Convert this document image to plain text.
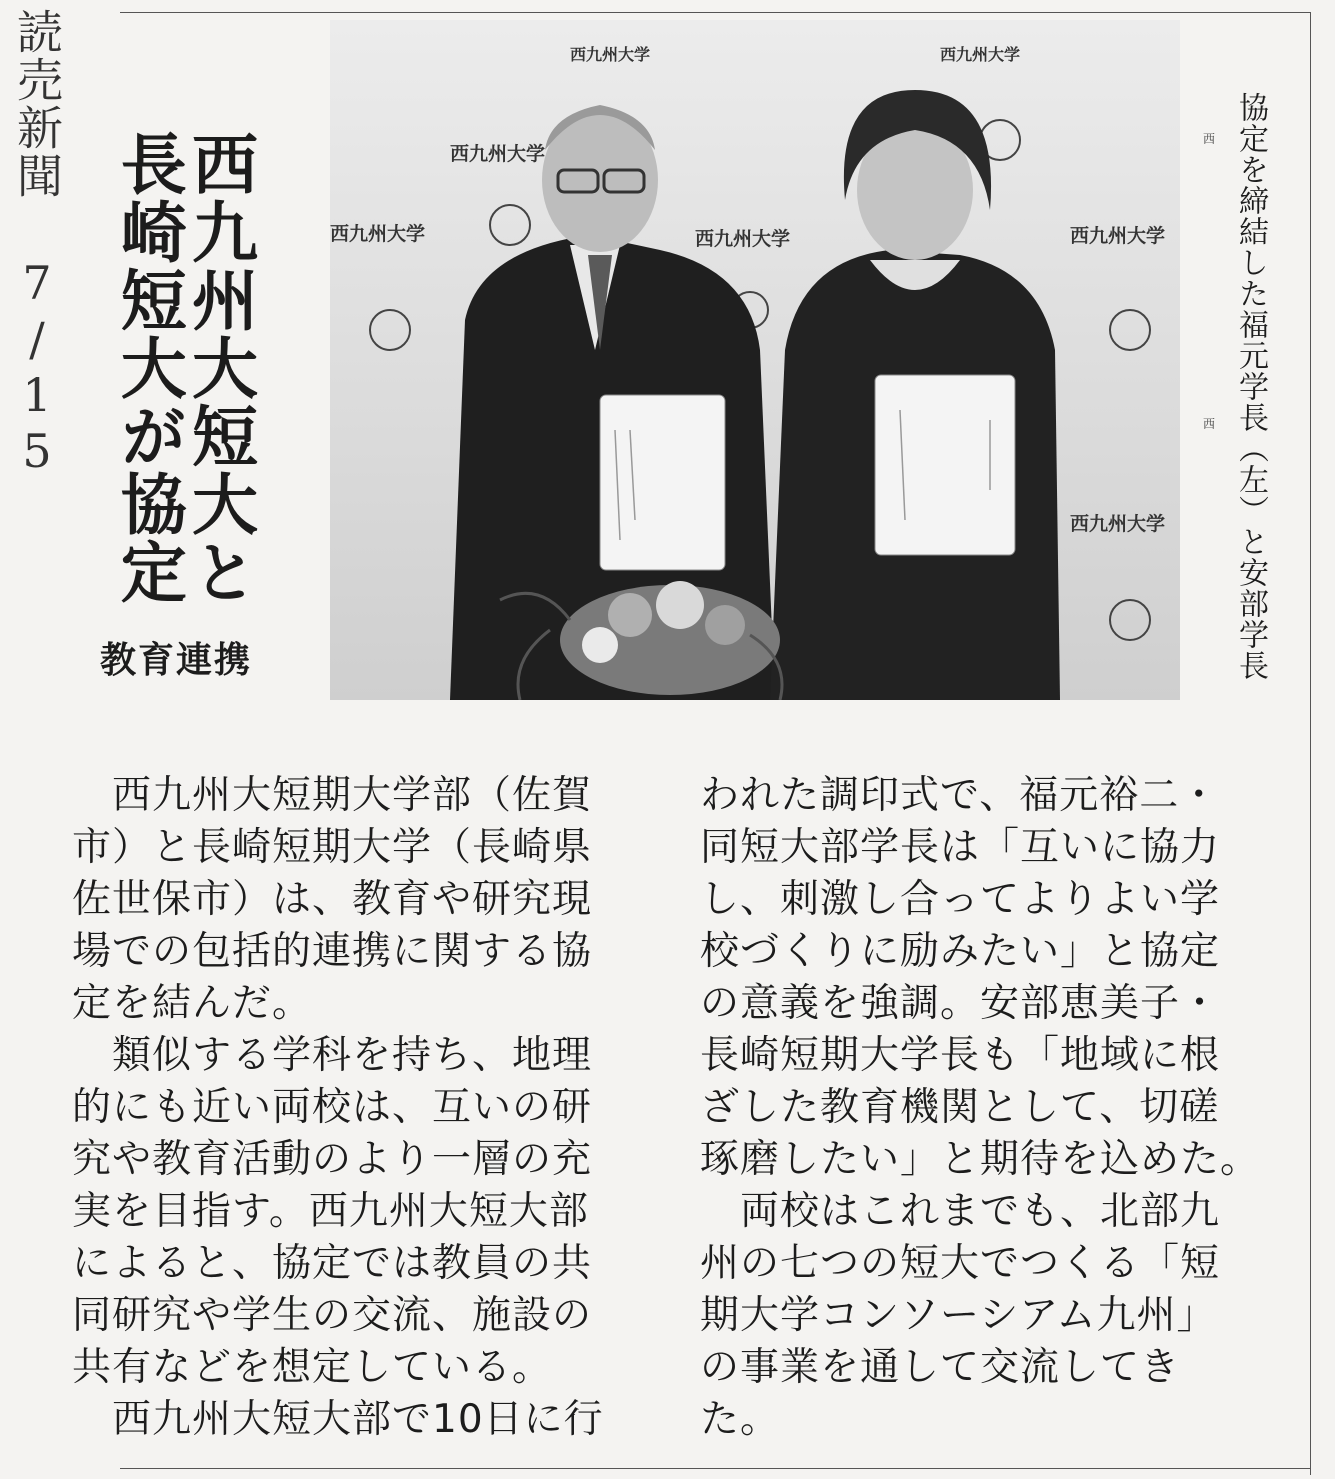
読売新聞 7/15 西九州大短大と
長崎短大が協定
教育連携
西九州大学
西九州大学	西九州大学	西九州大学
西九州大学
西九州大学	西九州大学
協定を締結した福元学長（左）と安部学長
西
西

　西九州大短期大学部（佐賀
市）と長崎短期大学（長崎県
佐世保市）は、教育や研究現
場での包括的連携に関する協
定を結んだ。
　類似する学科を持ち、地理
的にも近い両校は、互いの研
究や教育活動のより一層の充
実を目指す。西九州大短大部
によると、協定では教員の共
同研究や学生の交流、施設の
共有などを想定している。
　西九州大短大部で10日に行

われた調印式で、福元裕二・
同短大部学長は「互いに協力
し、刺激し合ってよりよい学
校づくりに励みたい」と協定
の意義を強調。安部恵美子・
長崎短期大学長も「地域に根
ざした教育機関として、切磋
琢磨したい」と期待を込めた。
　両校はこれまでも、北部九
州の七つの短大でつくる「短
期大学コンソーシアム九州」
の事業を通して交流してき
た。
